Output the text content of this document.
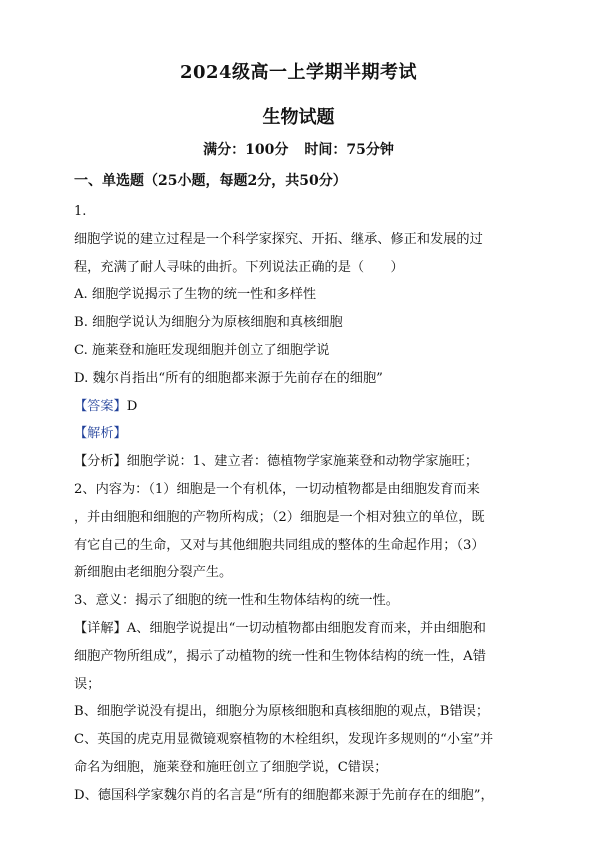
2024级高一上学期半期考试
生物试题
满分：100分 时间：75分钟
一、单选题（25小题，每题2分，共50分）
1.
细胞学说的建立过程是一个科学家探究、开拓、继承、修正和发展的过
程，充满了耐人寻味的曲折。下列说法正确的是（　　）
A. 细胞学说揭示了生物的统一性和多样性
B. 细胞学说认为细胞分为原核细胞和真核细胞
C. 施莱登和施旺发现细胞并创立了细胞学说
D. 魏尔肖指出“所有的细胞都来源于先前存在的细胞”
【答案】D
【解析】
【分析】细胞学说：1、建立者：德植物学家施莱登和动物学家施旺；
2、内容为：（1）细胞是一个有机体，一切动植物都是由细胞发育而来
，并由细胞和细胞的产物所构成；（2）细胞是一个相对独立的单位，既
有它自己的生命，又对与其他细胞共同组成的整体的生命起作用；（3）
新细胞由老细胞分裂产生。
3、意义：揭示了细胞的统一性和生物体结构的统一性。
【详解】A、细胞学说提出“一切动植物都由细胞发育而来，并由细胞和
细胞产物所组成”，揭示了动植物的统一性和生物体结构的统一性，A错
误；
B、细胞学说没有提出，细胞分为原核细胞和真核细胞的观点，B错误；
C、英国的虎克用显微镜观察植物的木栓组织，发现许多规则的“小室”并
命名为细胞，施莱登和施旺创立了细胞学说，C错误；
D、德国科学家魏尔肖的名言是“所有的细胞都来源于先前存在的细胞”，
